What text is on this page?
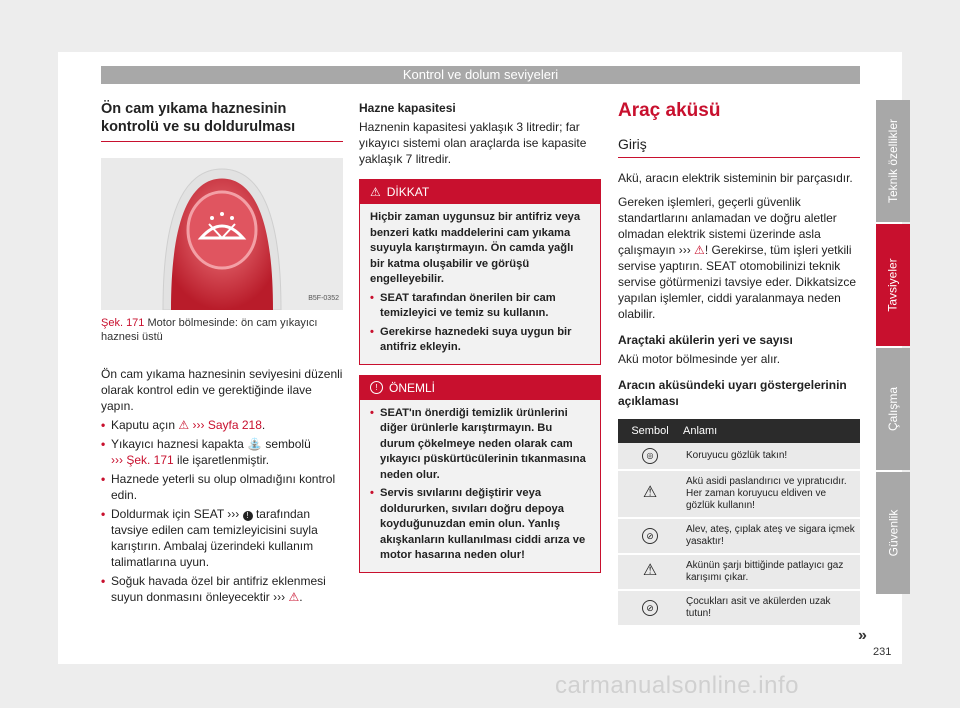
Kontrol ve dolum seviyeleri
Ön cam yıkama haznesinin kontrolü ve su doldurulması
B5F-0352
Şek. 171 Motor bölmesinde: ön cam yıkayıcı haznesi üstü

Ön cam yıkama haznesinin seviyesini düzenli olarak kontrol edin ve gerektiğinde ilave yapın.

• Kaputu açın ⚠ ››› Sayfa 218.
• Yıkayıcı haznesi kapakta ⛲ sembolü
››› Şek. 171 ile işaretlenmiştir.
• Haznede yeterli su olup olmadığını kontrol edin.
• Doldurmak için SEAT ››› ! tarafından tavsiye edilen cam temizleyicisini suyla karıştırın. Ambalaj üzerindeki kullanım talimatlarına uyun.
• Soğuk havada özel bir antifriz eklenmesi suyun donmasını önleyecektir ››› ⚠.

Hazne kapasitesi

Haznenin kapasitesi yaklaşık 3 litredir; far yıkayıcı sistemi olan araçlarda ise kapasite yaklaşık 7 litredir.

⚠ DİKKAT

Hiçbir zaman uygunsuz bir antifriz veya benzeri katkı maddelerini cam yıkama suyuyla karıştırmayın. Ön camda yağlı bir katma oluşabilir ve görüşü engelleyebilir.

• SEAT tarafından önerilen bir cam temizleyici ve temiz su kullanın.
• Gerekirse haznedeki suya uygun bir antifriz ekleyin.
! ÖNEMLİ
• SEAT'ın önerdiği temizlik ürünlerini diğer ürünlerle karıştırmayın. Bu durum çökelmeye neden olarak cam yıkayıcı püskürtücülerinin tıkanmasına neden olur.
• Servis sıvılarını değiştirir veya doldururken, sıvıları doğru depoya koyduğunuzdan emin olun. Yanlış akışkanların kullanılması ciddi arıza ve motor hasarına neden olur!
Araç aküsü
Giriş

Akü, aracın elektrik sisteminin bir parçasıdır.

Gereken işlemleri, geçerli güvenlik standartlarını anlamadan ve doğru aletler olmadan elektrik sistemi üzerinde asla çalışmayın ››› ⚠! Gerekirse, tüm işleri yetkili servise yaptırın. SEAT otomobilinizi teknik servise götürmenizi tavsiye eder. Dikkatsizce yapılan işlemler, ciddi yaralanmaya neden olabilir.

Araçtaki akülerin yeri ve sayısı

Akü motor bölmesinde yer alır.

Aracın aküsündeki uyarı göstergelerinin açıklaması

Sembol	Anlamı
◎	Koruyucu gözlük takın!
⚠	Akü asidi paslandırıcı ve yıpratıcıdır. Her zaman koruyucu eldiven ve gözlük kullanın!
⊘	Alev, ateş, çıplak ateş ve sigara içmek yasaktır!
⚠	Akünün şarjı bittiğinde patlayıcı gaz karışımı çıkar.
⊘	Çocukları asit ve akülerden uzak tutun!
Teknik özellikler
Tavsiyeler
Çalışma
Güvenlik
»
231
carmanualsonline.info
